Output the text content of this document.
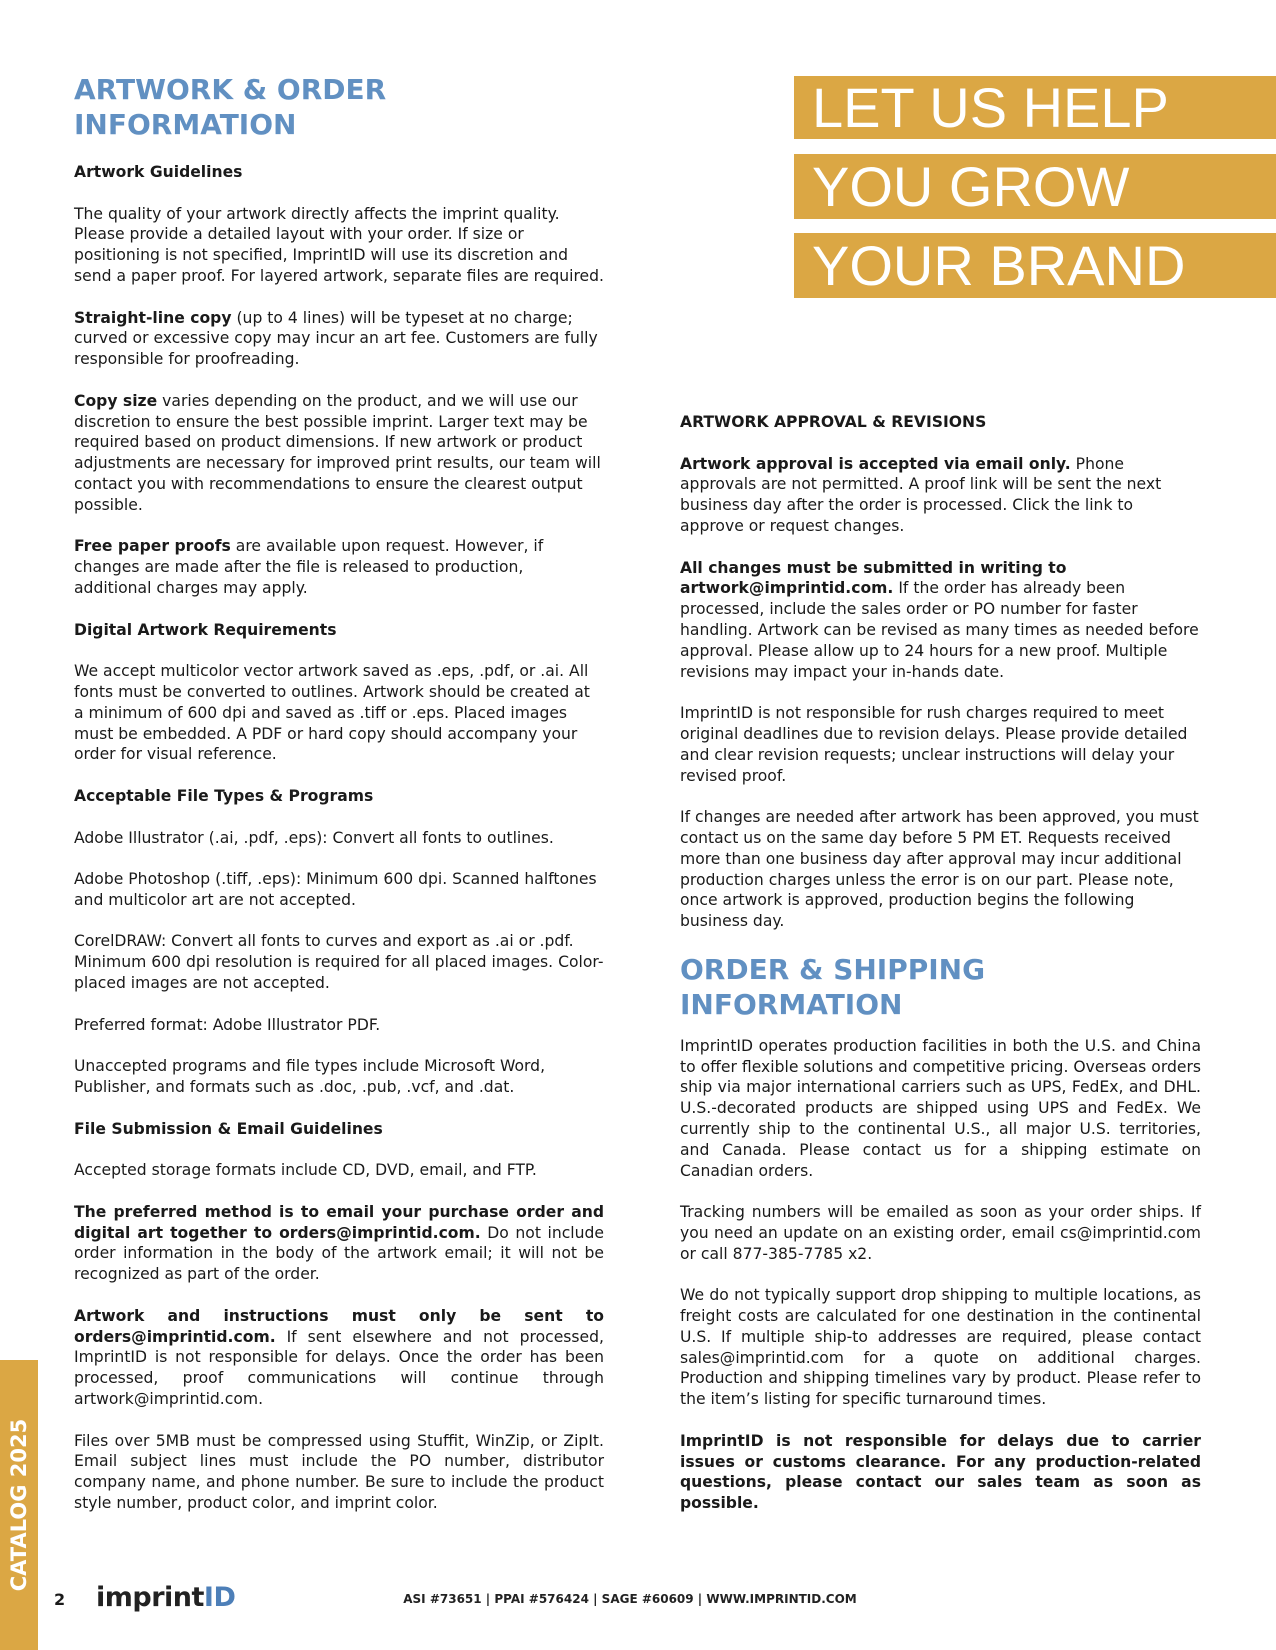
LET US HELP
YOU GROW
YOUR BRAND
ARTWORK & ORDER
INFORMATION
Artwork Guidelines

The quality of your artwork directly affects the imprint quality. Please provide a detailed layout with your order. If size or positioning is not specified, ImprintID will use its discretion and send a paper proof. For layered artwork, separate files are required.

Straight-line copy (up to 4 lines) will be typeset at no charge; curved or excessive copy may incur an art fee. Customers are fully responsible for proofreading.

Copy size varies depending on the product, and we will use our discretion to ensure the best possible imprint. Larger text may be required based on product dimensions. If new artwork or product adjustments are necessary for improved print results, our team will contact you with recommendations to ensure the clearest output possible.

Free paper proofs are available upon request. However, if changes are made after the file is released to production, additional charges may apply.

Digital Artwork Requirements

We accept multicolor vector artwork saved as .eps, .pdf, or .ai. All fonts must be converted to outlines. Artwork should be created at a minimum of 600 dpi and saved as .tiff or .eps. Placed images must be embedded. A PDF or hard copy should accompany your order for visual reference.

Acceptable File Types & Programs

Adobe Illustrator (.ai, .pdf, .eps): Convert all fonts to outlines.

Adobe Photoshop (.tiff, .eps): Minimum 600 dpi. Scanned halftones and multicolor art are not accepted.

CorelDRAW: Convert all fonts to curves and export as .ai or .pdf. Minimum 600 dpi resolution is required for all placed images. Color-placed images are not accepted.

Preferred format: Adobe Illustrator PDF.

Unaccepted programs and file types include Microsoft Word, Publisher, and formats such as .doc, .pub, .vcf, and .dat.

File Submission & Email Guidelines

Accepted storage formats include CD, DVD, email, and FTP.

The preferred method is to email your purchase order and digital art together to orders@imprintid.com. Do not include order information in the body of the artwork email; it will not be recognized as part of the order.

Artwork and instructions must only be sent to orders@imprintid.com. If sent elsewhere and not processed, ImprintID is not responsible for delays. Once the order has been processed, proof communications will continue through artwork@imprintid.com.

Files over 5MB must be compressed using Stuffit, WinZip, or ZipIt. Email subject lines must include the PO number, distributor company name, and phone number. Be sure to include the product style number, product color, and imprint color.

ARTWORK APPROVAL & REVISIONS

Artwork approval is accepted via email only. Phone approvals are not permitted. A proof link will be sent the next business day after the order is processed. Click the link to approve or request changes.

All changes must be submitted in writing to artwork@imprintid.com. If the order has already been processed, include the sales order or PO number for faster handling. Artwork can be revised as many times as needed before approval. Please allow up to 24 hours for a new proof. Multiple revisions may impact your in-hands date.

ImprintID is not responsible for rush charges required to meet original deadlines due to revision delays. Please provide detailed and clear revision requests; unclear instructions will delay your revised proof.

If changes are needed after artwork has been approved, you must contact us on the same day before 5 PM ET. Requests received more than one business day after approval may incur additional production charges unless the error is on our part. Please note, once artwork is approved, production begins the following business day.

ORDER & SHIPPING
INFORMATION

ImprintID operates production facilities in both the U.S. and China to offer flexible solutions and competitive pricing. Overseas orders ship via major international carriers such as UPS, FedEx, and DHL. U.S.-decorated products are shipped using UPS and FedEx. We currently ship to the continental U.S., all major U.S. territories, and Canada. Please contact us for a shipping estimate on Canadian orders.

Tracking numbers will be emailed as soon as your order ships. If you need an update on an existing order, email cs@imprintid.com or call 877-385-7785 x2.

We do not typically support drop shipping to multiple locations, as freight costs are calculated for one destination in the continental U.S. If multiple ship-to addresses are required, please contact sales@imprintid.com for a quote on additional charges. Production and shipping timelines vary by product. Please refer to the item’s listing for specific turnaround times.

ImprintID is not responsible for delays due to carrier issues or customs clearance. For any production-related questions, please contact our sales team as soon as possible.

CATALOG 2025
2 imprintID	ASI #73651 | PPAI #576424 | SAGE #60609 | WWW.IMPRINTID.COM
